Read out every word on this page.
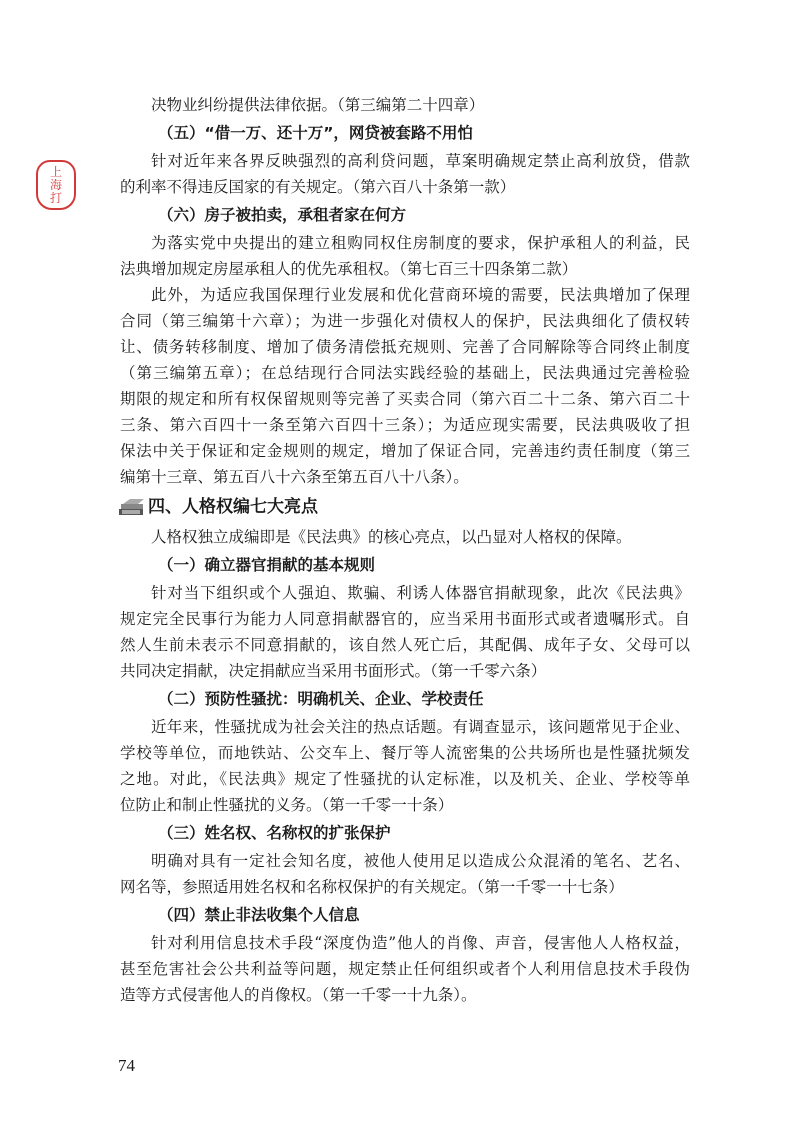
上
海
打
决物业纠纷提供法律依据。（第三编第二十四章）
（五）“借一万、还十万”，网贷被套路不用怕
针对近年来各界反映强烈的高利贷问题，草案明确规定禁止高利放贷，借款
的利率不得违反国家的有关规定。（第六百八十条第一款）
（六）房子被拍卖，承租者家在何方
为落实党中央提出的建立租购同权住房制度的要求，保护承租人的利益，民
法典增加规定房屋承租人的优先承租权。（第七百三十四条第二款）
此外，为适应我国保理行业发展和优化营商环境的需要，民法典增加了保理
合同（第三编第十六章）；为进一步强化对债权人的保护，民法典细化了债权转
让、债务转移制度、增加了债务清偿抵充规则、完善了合同解除等合同终止制度
（第三编第五章）；在总结现行合同法实践经验的基础上，民法典通过完善检验
期限的规定和所有权保留规则等完善了买卖合同（第六百二十二条、第六百二十
三条、第六百四十一条至第六百四十三条）；为适应现实需要，民法典吸收了担
保法中关于保证和定金规则的规定，增加了保证合同，完善违约责任制度（第三
编第十三章、第五百八十六条至第五百八十八条）。
四、人格权编七大亮点
人格权独立成编即是《民法典》的核心亮点，以凸显对人格权的保障。
（一）确立器官捐献的基本规则
针对当下组织或个人强迫、欺骗、利诱人体器官捐献现象，此次《民法典》
规定完全民事行为能力人同意捐献器官的，应当采用书面形式或者遗嘱形式。自
然人生前未表示不同意捐献的，该自然人死亡后，其配偶、成年子女、父母可以
共同决定捐献，决定捐献应当采用书面形式。（第一千零六条）
（二）预防性骚扰：明确机关、企业、学校责任
近年来，性骚扰成为社会关注的热点话题。有调查显示，该问题常见于企业、
学校等单位，而地铁站、公交车上、餐厅等人流密集的公共场所也是性骚扰频发
之地。对此，《民法典》规定了性骚扰的认定标准，以及机关、企业、学校等单
位防止和制止性骚扰的义务。（第一千零一十条）
（三）姓名权、名称权的扩张保护
明确对具有一定社会知名度，被他人使用足以造成公众混淆的笔名、艺名、
网名等，参照适用姓名权和名称权保护的有关规定。（第一千零一十七条）
（四）禁止非法收集个人信息
针对利用信息技术手段“深度伪造”他人的肖像、声音，侵害他人人格权益，
甚至危害社会公共利益等问题，规定禁止任何组织或者个人利用信息技术手段伪
造等方式侵害他人的肖像权。（第一千零一十九条）。
74
